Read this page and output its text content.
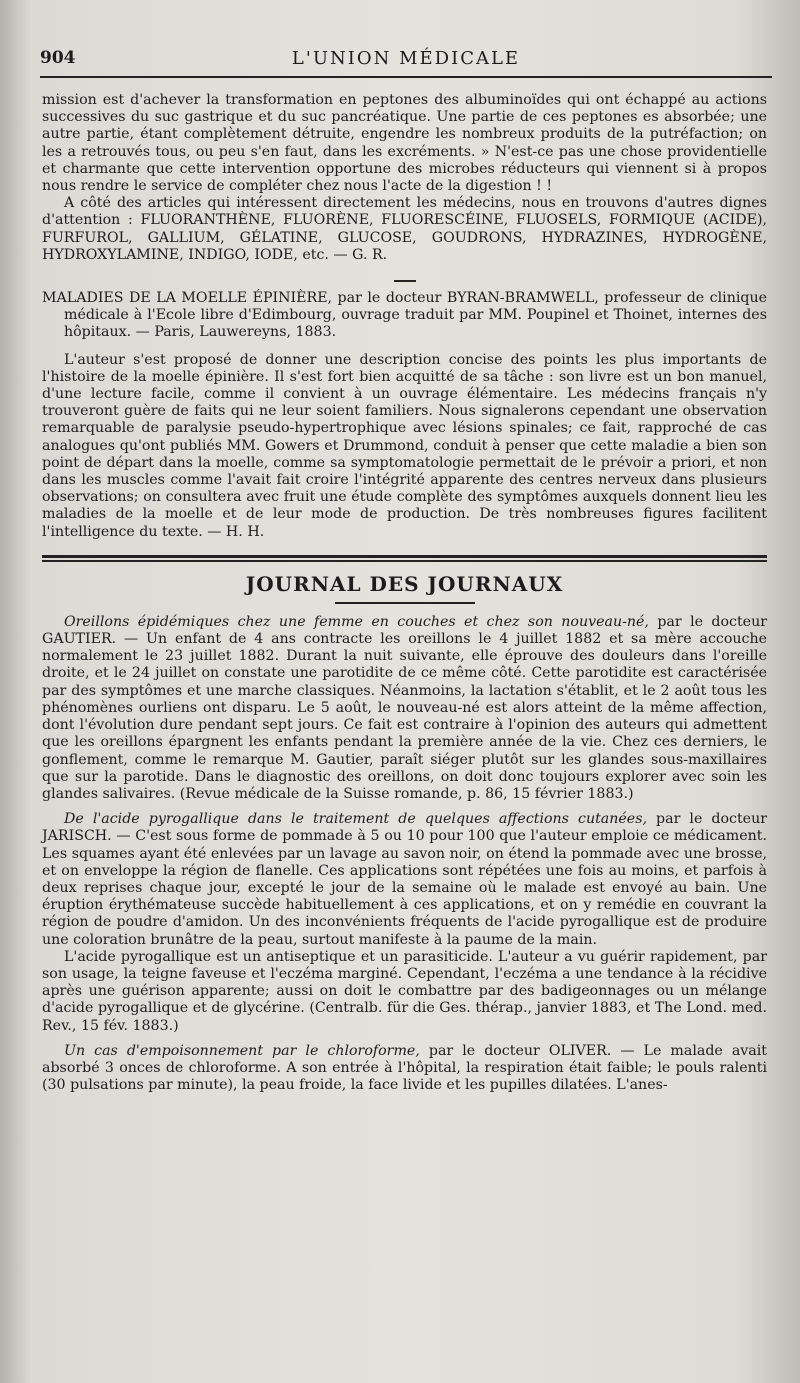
904	L'UNION MÉDICALE

mission est d'achever la transformation en peptones des albuminoïdes qui ont échappé au actions successives du suc gastrique et du suc pancréatique. Une partie de ces peptones es absorbée; une autre partie, étant complètement détruite, engendre les nombreux produits de la putréfaction; on les a retrouvés tous, ou peu s'en faut, dans les excréments. » N'est-ce pas une chose providentielle et charmante que cette intervention opportune des microbes réducteurs qui viennent si à propos nous rendre le service de compléter chez nous l'acte de la digestion ! !

A côté des articles qui intéressent directement les médecins, nous en trouvons d'autres dignes d'attention : FLUORANTHÈNE, FLUORÈNE, FLUORESCÉINE, FLUOSELS, FORMIQUE (ACIDE), FURFUROL, GALLIUM, GÉLATINE, GLUCOSE, GOUDRONS, HYDRAZINES, HYDROGÈNE, HYDROXYLAMINE, INDIGO, IODE, etc. — G. R.

MALADIES DE LA MOELLE ÉPINIÈRE, par le docteur BYRAN-BRAMWELL, professeur de clinique médicale à l'Ecole libre d'Edimbourg, ouvrage traduit par MM. Poupinel et Thoinet, internes des hôpitaux. — Paris, Lauwereyns, 1883.

L'auteur s'est proposé de donner une description concise des points les plus importants de l'histoire de la moelle épinière. Il s'est fort bien acquitté de sa tâche : son livre est un bon manuel, d'une lecture facile, comme il convient à un ouvrage élémentaire. Les médecins français n'y trouveront guère de faits qui ne leur soient familiers. Nous signalerons cependant une observation remarquable de paralysie pseudo-hypertrophique avec lésions spinales; ce fait, rapproché de cas analogues qu'ont publiés MM. Gowers et Drummond, conduit à penser que cette maladie a bien son point de départ dans la moelle, comme sa symptomatologie permettait de le prévoir a priori, et non dans les muscles comme l'avait fait croire l'intégrité apparente des centres nerveux dans plusieurs observations; on consultera avec fruit une étude complète des symptômes auxquels donnent lieu les maladies de la moelle et de leur mode de production. De très nombreuses figures facilitent l'intelligence du texte. — H. H.

JOURNAL DES JOURNAUX

Oreillons épidémiques chez une femme en couches et chez son nouveau-né, par le docteur GAUTIER. — Un enfant de 4 ans contracte les oreillons le 4 juillet 1882 et sa mère accouche normalement le 23 juillet 1882. Durant la nuit suivante, elle éprouve des douleurs dans l'oreille droite, et le 24 juillet on constate une parotidite de ce même côté. Cette parotidite est caractérisée par des symptômes et une marche classiques. Néanmoins, la lactation s'établit, et le 2 août tous les phénomènes ourliens ont disparu. Le 5 août, le nouveau-né est alors atteint de la même affection, dont l'évolution dure pendant sept jours. Ce fait est contraire à l'opinion des auteurs qui admettent que les oreillons épargnent les enfants pendant la première année de la vie. Chez ces derniers, le gonflement, comme le remarque M. Gautier, paraît siéger plutôt sur les glandes sous-maxillaires que sur la parotide. Dans le diagnostic des oreillons, on doit donc toujours explorer avec soin les glandes salivaires. (Revue médicale de la Suisse romande, p. 86, 15 février 1883.)

De l'acide pyrogallique dans le traitement de quelques affections cutanées, par le docteur JARISCH. — C'est sous forme de pommade à 5 ou 10 pour 100 que l'auteur emploie ce médicament. Les squames ayant été enlevées par un lavage au savon noir, on étend la pommade avec une brosse, et on enveloppe la région de flanelle. Ces applications sont répétées une fois au moins, et parfois à deux reprises chaque jour, excepté le jour de la semaine où le malade est envoyé au bain. Une éruption érythémateuse succède habituellement à ces applications, et on y remédie en couvrant la région de poudre d'amidon. Un des inconvénients fréquents de l'acide pyrogallique est de produire une coloration brunâtre de la peau, surtout manifeste à la paume de la main.

L'acide pyrogallique est un antiseptique et un parasiticide. L'auteur a vu guérir rapidement, par son usage, la teigne faveuse et l'eczéma marginé. Cependant, l'eczéma a une tendance à la récidive après une guérison apparente; aussi on doit le combattre par des badigeonnages ou un mélange d'acide pyrogallique et de glycérine. (Centralb. für die Ges. thérap., janvier 1883, et The Lond. med. Rev., 15 fév. 1883.)

Un cas d'empoisonnement par le chloroforme, par le docteur OLIVER. — Le malade avait absorbé 3 onces de chloroforme. A son entrée à l'hôpital, la respiration était faible; le pouls ralenti (30 pulsations par minute), la peau froide, la face livide et les pupilles dilatées. L'anes-
